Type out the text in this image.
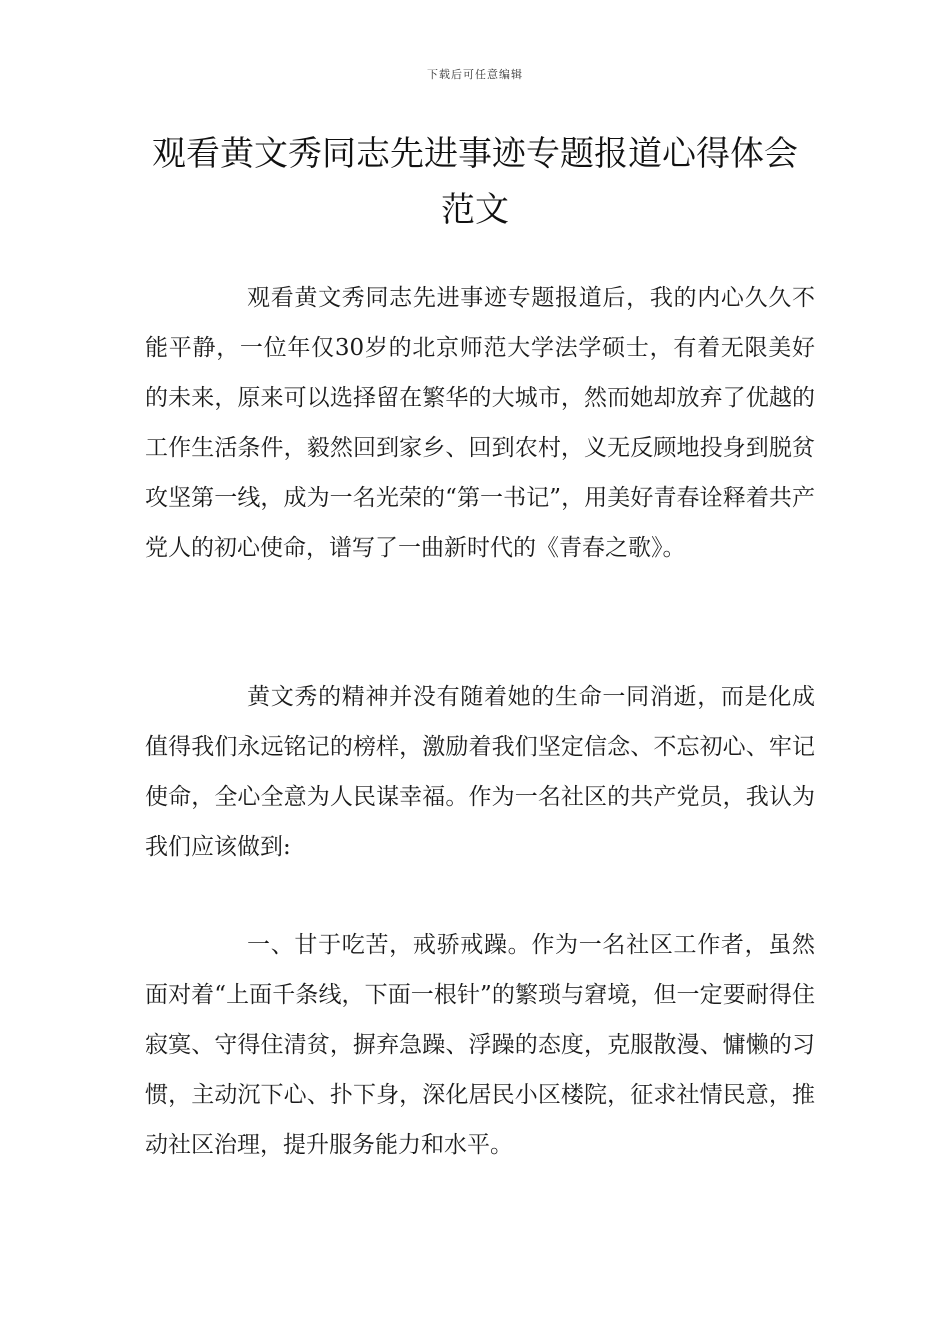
下载后可任意编辑
观看黄文秀同志先进事迹专题报道心得体会范文

观看黄文秀同志先进事迹专题报道后，我的内心久久不能平静，一位年仅30岁的北京师范大学法学硕士，有着无限美好的未来，原来可以选择留在繁华的大城市，然而她却放弃了优越的工作生活条件，毅然回到家乡、回到农村，义无反顾地投身到脱贫攻坚第一线，成为一名光荣的“第一书记”，用美好青春诠释着共产党人的初心使命，谱写了一曲新时代的《青春之歌》。

黄文秀的精神并没有随着她的生命一同消逝，而是化成值得我们永远铭记的榜样，激励着我们坚定信念、不忘初心、牢记使命，全心全意为人民谋幸福。作为一名社区的共产党员，我认为我们应该做到:

一、甘于吃苦，戒骄戒躁。作为一名社区工作者，虽然面对着“上面千条线，下面一根针”的繁琐与窘境，但一定要耐得住寂寞、守得住清贫，摒弃急躁、浮躁的态度，克服散漫、慵懒的习惯，主动沉下心、扑下身，深化居民小区楼院，征求社情民意，推动社区治理，提升服务能力和水平。
